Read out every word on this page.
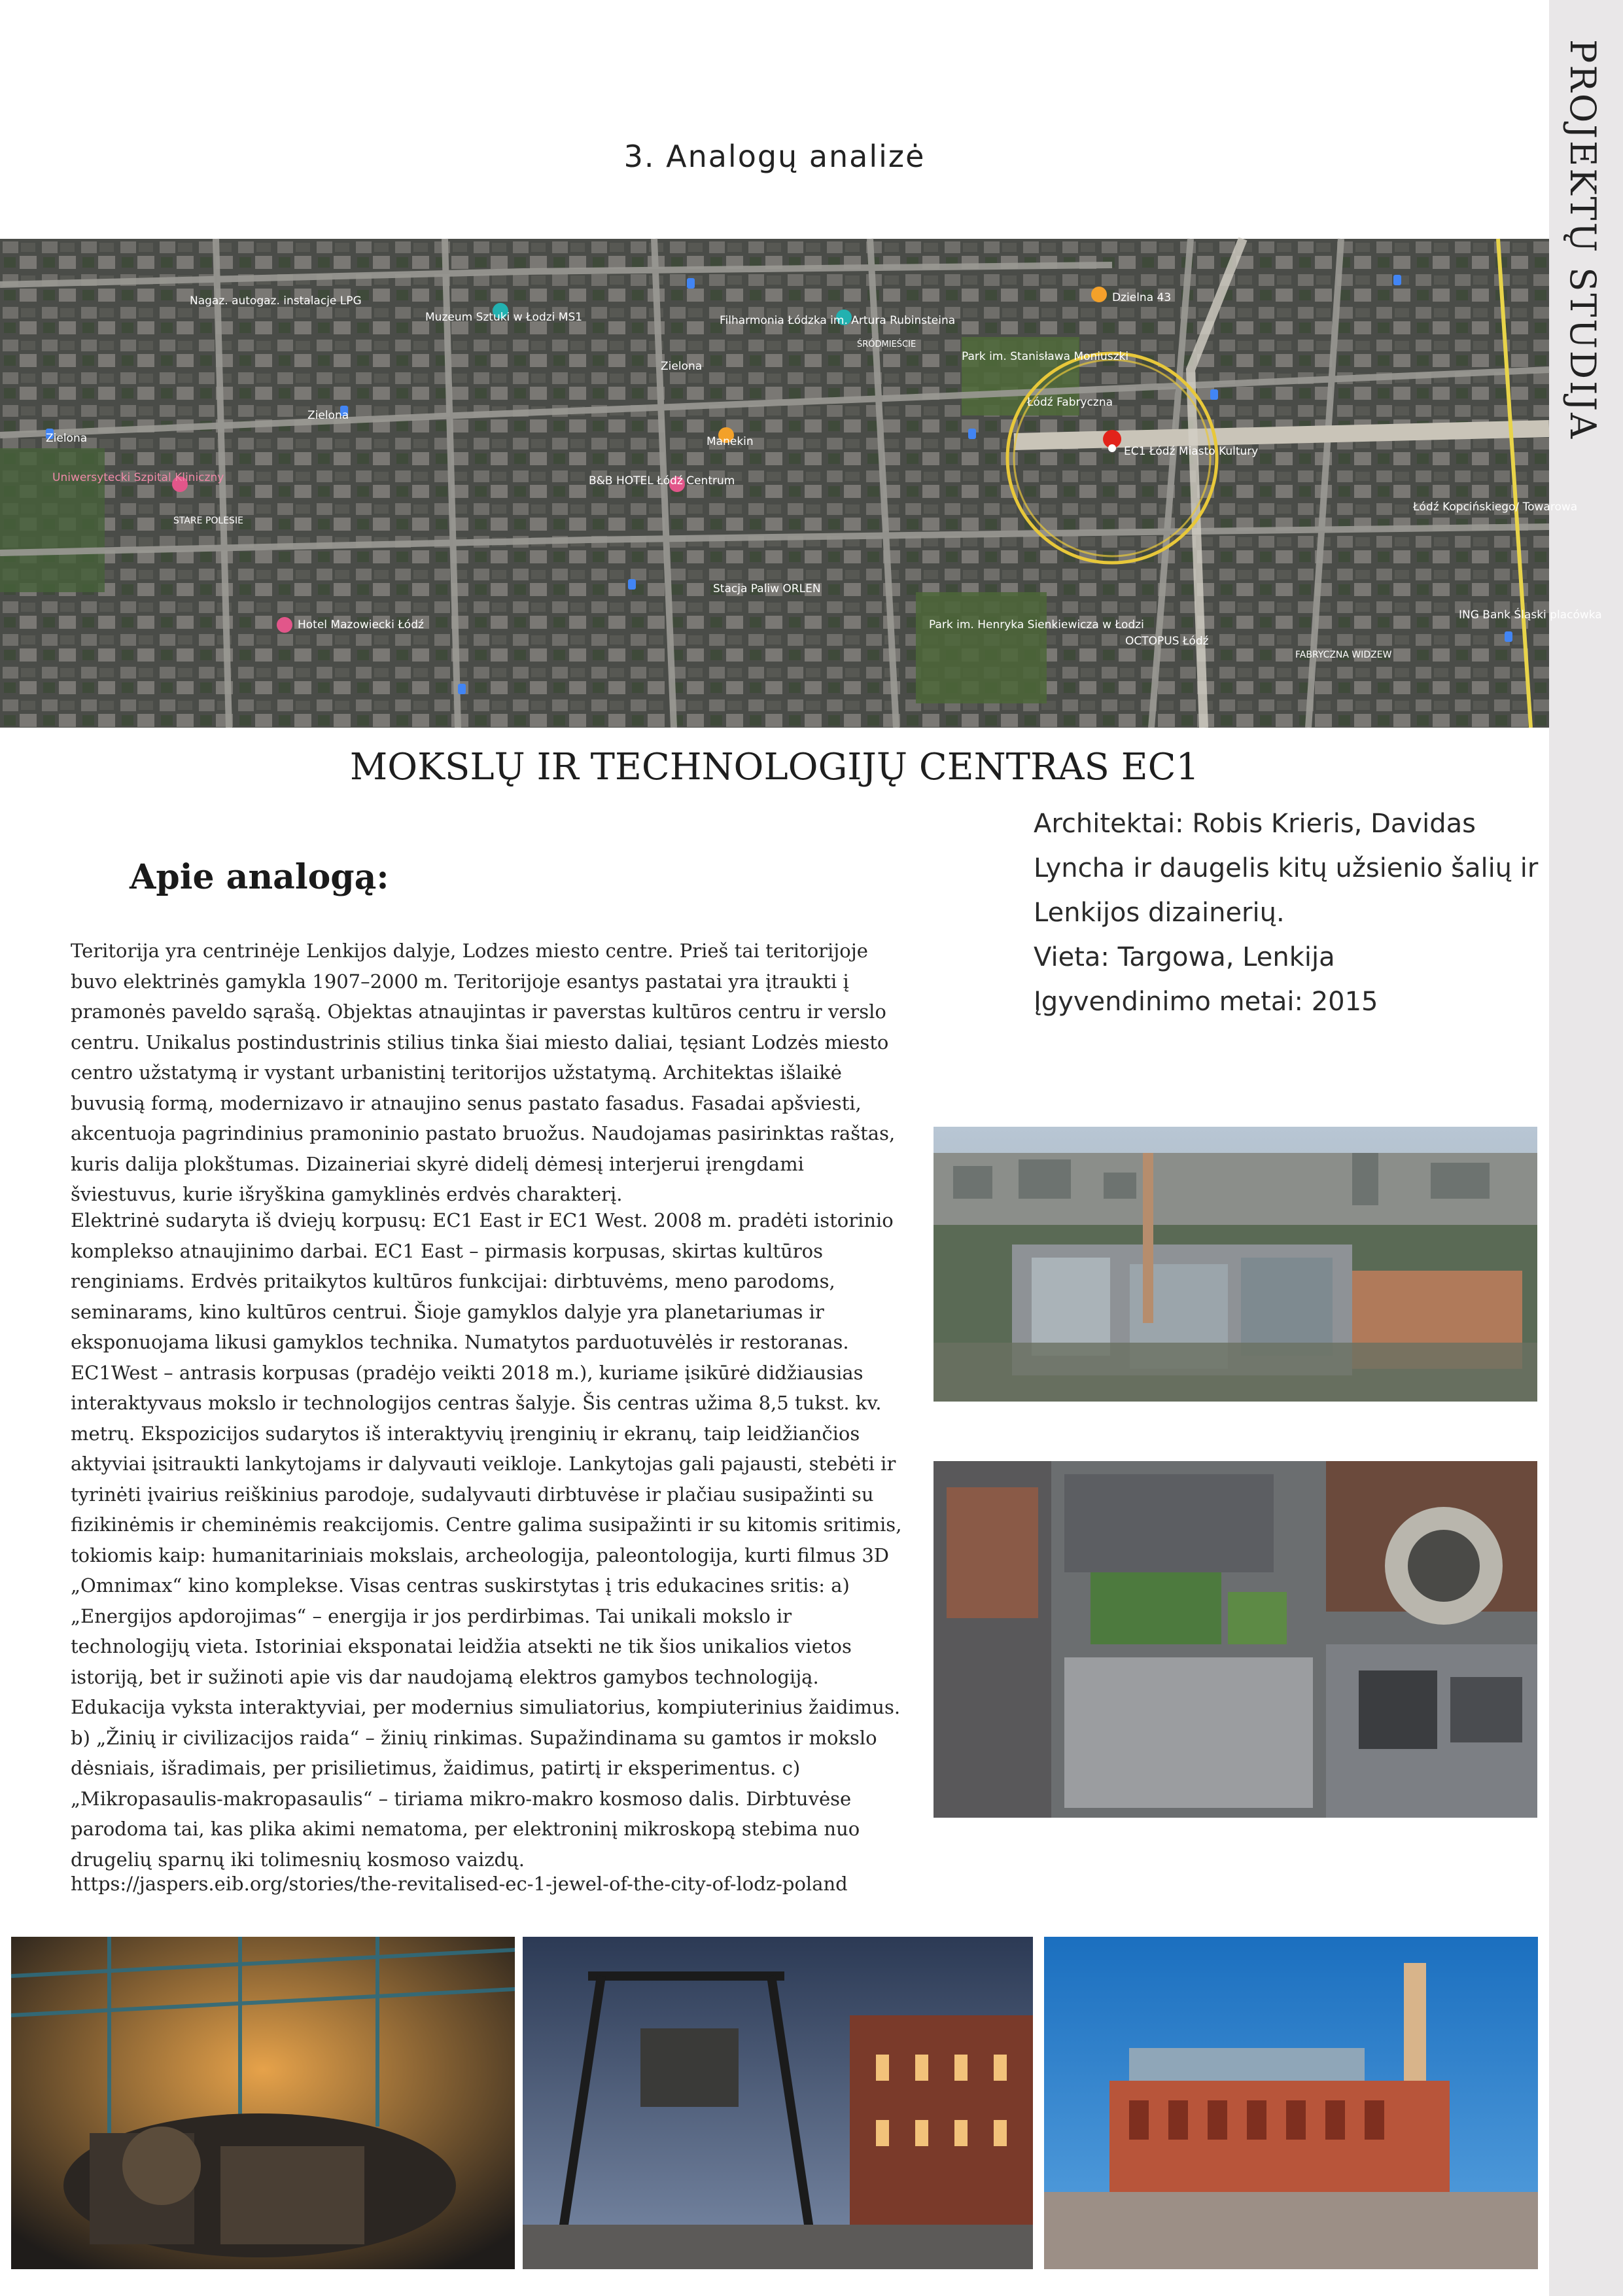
PROJEKTŲ STUDIJA
3. Analogų analizė
Nagaz. autogaz. instalacje LPG
Muzeum Sztuki w Łodzi MS1	Filharmonia Łódzka im. Artura Rubinsteina
ŚRÓDMIEŚCIE
Dzielna 43
Park im. Stanisława Moniuszki
Łódź Fabryczna
EC1 Łódź Miasto Kultury
Zielona
Zielona
Zielona
Uniwersytecki Szpital Kliniczny
STARE POLESIE
B&B HOTEL Łódź Centrum
Manekin
Stacja Paliw ORLEN
Hotel Mazowiecki Łódź	Park im. Henryka Sienkiewicza w Łodzi
OCTOPUS Łódź
FABRYCZNA WIDZEW
ING Bank Śląski placówka
Łódź Kopcińskiego/ Towarowa
MOKSLŲ IR TECHNOLOGIJŲ CENTRAS EC1
Architektai: Robis Krieris, Davidas
Lyncha ir daugelis kitų užsienio šalių ir
Lenkijos dizainerių.
Vieta: Targowa, Lenkija
Įgyvendinimo metai: 2015
Apie analogą:
Teritorija yra centrinėje Lenkijos dalyje, Lodzes miesto centre. Prieš tai teritorijoje buvo elektrinės gamykla 1907–2000 m. Teritorijoje esantys pastatai yra įtraukti į pramonės paveldo sąrašą. Objektas atnaujintas ir paverstas kultūros centru ir verslo centru. Unikalus postindustrinis stilius tinka šiai miesto daliai, tęsiant Lodzės miesto centro užstatymą ir vystant urbanistinį teritorijos užstatymą. Architektas išlaikė buvusią formą, modernizavo ir atnaujino senus pastato fasadus. Fasadai apšviesti, akcentuoja pagrindinius pramoninio pastato bruožus. Naudojamas pasirinktas raštas, kuris dalija plokštumas. Dizaineriai skyrė didelį dėmesį interjerui įrengdami šviestuvus, kurie išryškina gamyklinės erdvės charakterį.
Elektrinė sudaryta iš dviejų korpusų: EC1 East ir EC1 West. 2008 m. pradėti istorinio komplekso atnaujinimo darbai. EC1 East – pirmasis korpusas, skirtas kultūros renginiams. Erdvės pritaikytos kultūros funkcijai: dirbtuvėms, meno parodoms, seminarams, kino kultūros centrui. Šioje gamyklos dalyje yra planetariumas ir eksponuojama likusi gamyklos technika. Numatytos parduotuvėlės ir restoranas. EC1West – antrasis korpusas (pradėjo veikti 2018 m.), kuriame įsikūrė didžiausias interaktyvaus mokslo ir technologijos centras šalyje. Šis centras užima 8,5 tukst. kv. metrų. Ekspozicijos sudarytos iš interaktyvių įrenginių ir ekranų, taip leidžiančios aktyviai įsitraukti lankytojams ir dalyvauti veikloje. Lankytojas gali pajausti, stebėti ir tyrinėti įvairius reiškinius parodoje, sudalyvauti dirbtuvėse ir plačiau susipažinti su fizikinėmis ir cheminėmis reakcijomis. Centre galima susipažinti ir su kitomis sritimis, tokiomis kaip: humanitariniais mokslais, archeologija, paleontologija, kurti filmus 3D „Omnimax“ kino komplekse. Visas centras suskirstytas į tris edukacines sritis: a) „Energijos apdorojimas“ – energija ir jos perdirbimas. Tai unikali mokslo ir technologijų vieta. Istoriniai eksponatai leidžia atsekti ne tik šios unikalios vietos istoriją, bet ir sužinoti apie vis dar naudojamą elektros gamybos technologiją. Edukacija vyksta interaktyviai, per modernius simuliatorius, kompiuterinius žaidimus. b) „Žinių ir civilizacijos raida“ – žinių rinkimas. Supažindinama su gamtos ir mokslo dėsniais, išradimais, per prisilietimus, žaidimus, patirtį ir eksperimentus. c) „Mikropasaulis-makropasaulis“ – tiriama mikro-makro kosmoso dalis. Dirbtuvėse parodoma tai, kas plika akimi nematoma, per elektroninį mikroskopą stebima nuo drugelių sparnų iki tolimesnių kosmoso vaizdų.
https://jaspers.eib.org/stories/the-revitalised-ec-1-jewel-of-the-city-of-lodz-poland
